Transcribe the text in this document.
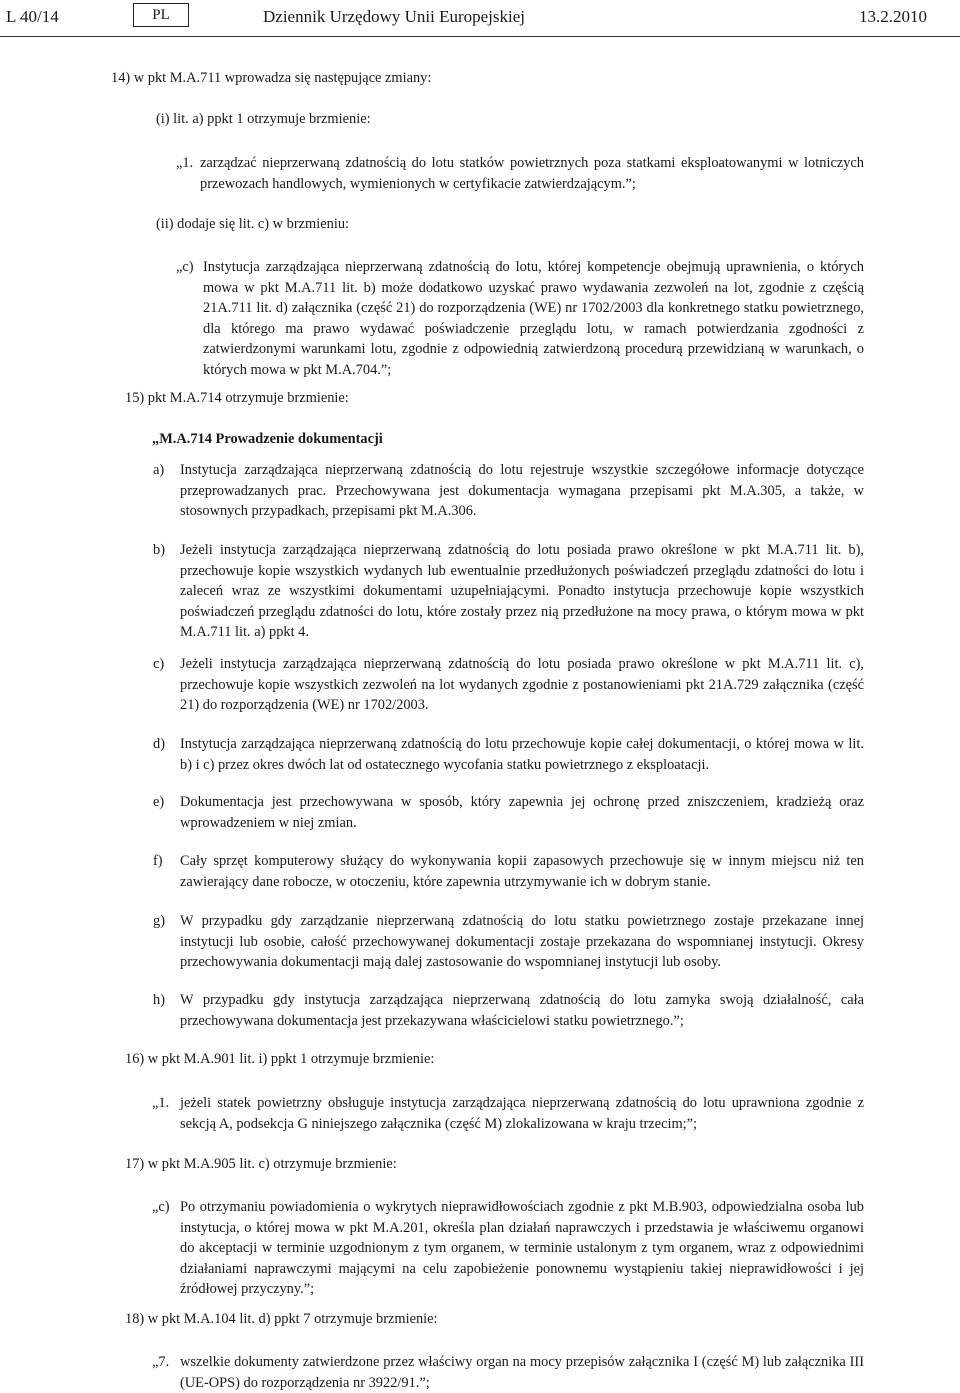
L 40/14	PL	Dziennik Urzędowy Unii Europejskiej	13.2.2010

14) w pkt M.A.711 wprowadza się następujące zmiany:

(i) lit. a) ppkt 1 otrzymuje brzmienie:

„1. zarządzać nieprzerwaną zdatnością do lotu statków powietrznych poza statkami eksploatowanymi w lotniczych przewozach handlowych, wymienionych w certyfikacie zatwierdzającym.”;

(ii) dodaje się lit. c) w brzmieniu:

„c) Instytucja zarządzająca nieprzerwaną zdatnością do lotu, której kompetencje obejmują uprawnienia, o których mowa w pkt M.A.711 lit. b) może dodatkowo uzyskać prawo wydawania zezwoleń na lot, zgodnie z częścią 21A.711 lit. d) załącznika (część 21) do rozporządzenia (WE) nr 1702/2003 dla konkretnego statku powietrznego, dla którego ma prawo wydawać poświadczenie przeglądu lotu, w ramach potwierdzania zgodności z zatwierdzonymi warunkami lotu, zgodnie z odpowiednią zatwierdzoną procedurą przewidzianą w warunkach, o których mowa w pkt M.A.704.”;

15) pkt M.A.714 otrzymuje brzmienie:

„M.A.714 Prowadzenie dokumentacji

a) Instytucja zarządzająca nieprzerwaną zdatnością do lotu rejestruje wszystkie szczegółowe informacje dotyczące przeprowadzanych prac. Przechowywana jest dokumentacja wymagana przepisami pkt M.A.305, a także, w stosownych przypadkach, przepisami pkt M.A.306.

b) Jeżeli instytucja zarządzająca nieprzerwaną zdatnością do lotu posiada prawo określone w pkt M.A.711 lit. b), przechowuje kopie wszystkich wydanych lub ewentualnie przedłużonych poświadczeń przeglądu zdatności do lotu i zaleceń wraz ze wszystkimi dokumentami uzupełniającymi. Ponadto instytucja przechowuje kopie wszystkich poświadczeń przeglądu zdatności do lotu, które zostały przez nią przedłużone na mocy prawa, o którym mowa w pkt M.A.711 lit. a) ppkt 4.

c) Jeżeli instytucja zarządzająca nieprzerwaną zdatnością do lotu posiada prawo określone w pkt M.A.711 lit. c), przechowuje kopie wszystkich zezwoleń na lot wydanych zgodnie z postanowieniami pkt 21A.729 załącznika (część 21) do rozporządzenia (WE) nr 1702/2003.

d) Instytucja zarządzająca nieprzerwaną zdatnością do lotu przechowuje kopie całej dokumentacji, o której mowa w lit. b) i c) przez okres dwóch lat od ostatecznego wycofania statku powietrznego z eksploatacji.

e) Dokumentacja jest przechowywana w sposób, który zapewnia jej ochronę przed zniszczeniem, kradzieżą oraz wprowadzeniem w niej zmian.

f) Cały sprzęt komputerowy służący do wykonywania kopii zapasowych przechowuje się w innym miejscu niż ten zawierający dane robocze, w otoczeniu, które zapewnia utrzymywanie ich w dobrym stanie.

g) W przypadku gdy zarządzanie nieprzerwaną zdatnością do lotu statku powietrznego zostaje przekazane innej instytucji lub osobie, całość przechowywanej dokumentacji zostaje przekazana do wspomnianej instytucji. Okresy przechowywania dokumentacji mają dalej zastosowanie do wspomnianej instytucji lub osoby.

h) W przypadku gdy instytucja zarządzająca nieprzerwaną zdatnością do lotu zamyka swoją działalność, cała przechowywana dokumentacja jest przekazywana właścicielowi statku powietrznego.”;

16) w pkt M.A.901 lit. i) ppkt 1 otrzymuje brzmienie:

„1. jeżeli statek powietrzny obsługuje instytucja zarządzająca nieprzerwaną zdatnością do lotu uprawniona zgodnie z sekcją A, podsekcja G niniejszego załącznika (część M) zlokalizowana w kraju trzecim;”;

17) w pkt M.A.905 lit. c) otrzymuje brzmienie:

„c) Po otrzymaniu powiadomienia o wykrytych nieprawidłowościach zgodnie z pkt M.B.903, odpowiedzialna osoba lub instytucja, o której mowa w pkt M.A.201, określa plan działań naprawczych i przedstawia je właściwemu organowi do akceptacji w terminie uzgodnionym z tym organem, w terminie ustalonym z tym organem, wraz z odpowiednimi działaniami naprawczymi mającymi na celu zapobieżenie ponownemu wystąpieniu takiej nieprawidłowości i jej źródłowej przyczyny.”;

18) w pkt M.A.104 lit. d) ppkt 7 otrzymuje brzmienie:

„7. wszelkie dokumenty zatwierdzone przez właściwy organ na mocy przepisów załącznika I (część M) lub załącznika III (UE-OPS) do rozporządzenia nr 3922/91.”;
